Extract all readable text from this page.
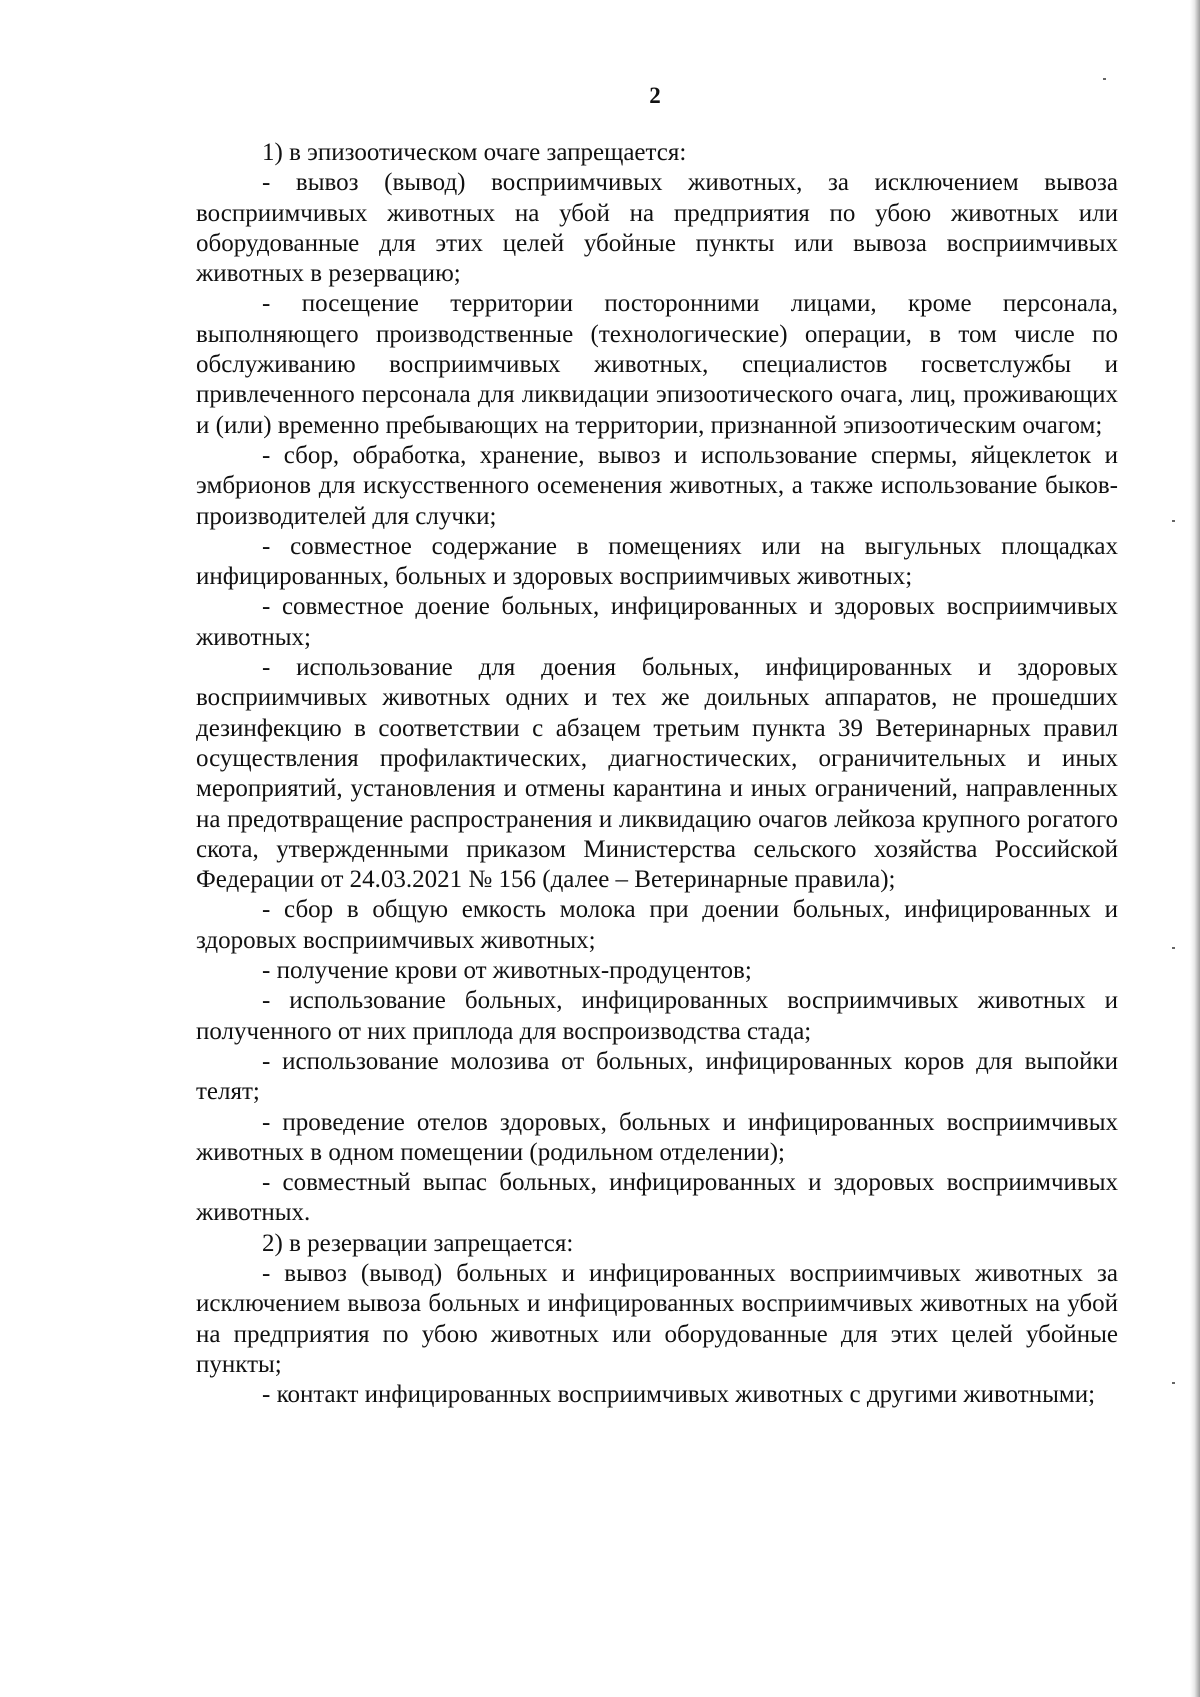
2

1) в эпизоотическом очаге запрещается:

- вывоз (вывод) восприимчивых животных, за исключением вывоза восприимчивых животных на убой на предприятия по убою животных или оборудованные для этих целей убойные пункты или вывоза восприимчивых животных в резервацию;

- посещение территории посторонними лицами, кроме персонала, выполняющего производственные (технологические) операции, в том числе по обслуживанию восприимчивых животных, специалистов госветслужбы и привлеченного персонала для ликвидации эпизоотического очага, лиц, проживающих и (или) временно пребывающих на территории, признанной эпизоотическим очагом;

- сбор, обработка, хранение, вывоз и использование спермы, яйцеклеток и эмбрионов для искусственного осеменения животных, а также использование быков-производителей для случки;

- совместное содержание в помещениях или на выгульных площадках инфицированных, больных и здоровых восприимчивых животных;

- совместное доение больных, инфицированных и здоровых восприимчивых животных;

- использование для доения больных, инфицированных и здоровых восприимчивых животных одних и тех же доильных аппаратов, не прошедших дезинфекцию в соответствии с абзацем третьим пункта 39 Ветеринарных правил осуществления профилактических, диагностических, ограничительных и иных мероприятий, установления и отмены карантина и иных ограничений, направленных на предотвращение распространения и ликвидацию очагов лейкоза крупного рогатого скота, утвержденными приказом Министерства сельского хозяйства Российской Федерации от 24.03.2021 № 156 (далее – Ветеринарные правила);

- сбор в общую емкость молока при доении больных, инфицированных и здоровых восприимчивых животных;

- получение крови от животных-продуцентов;

- использование больных, инфицированных восприимчивых животных и полученного от них приплода для воспроизводства стада;

- использование молозива от больных, инфицированных коров для выпойки телят;

- проведение отелов здоровых, больных и инфицированных восприимчивых животных в одном помещении (родильном отделении);

- совместный выпас больных, инфицированных и здоровых восприимчивых животных.

2) в резервации запрещается:

- вывоз (вывод) больных и инфицированных восприимчивых животных за исключением вывоза больных и инфицированных восприимчивых животных на убой на предприятия по убою животных или оборудованные для этих целей убойные пункты;

- контакт инфицированных восприимчивых животных с другими животными;
